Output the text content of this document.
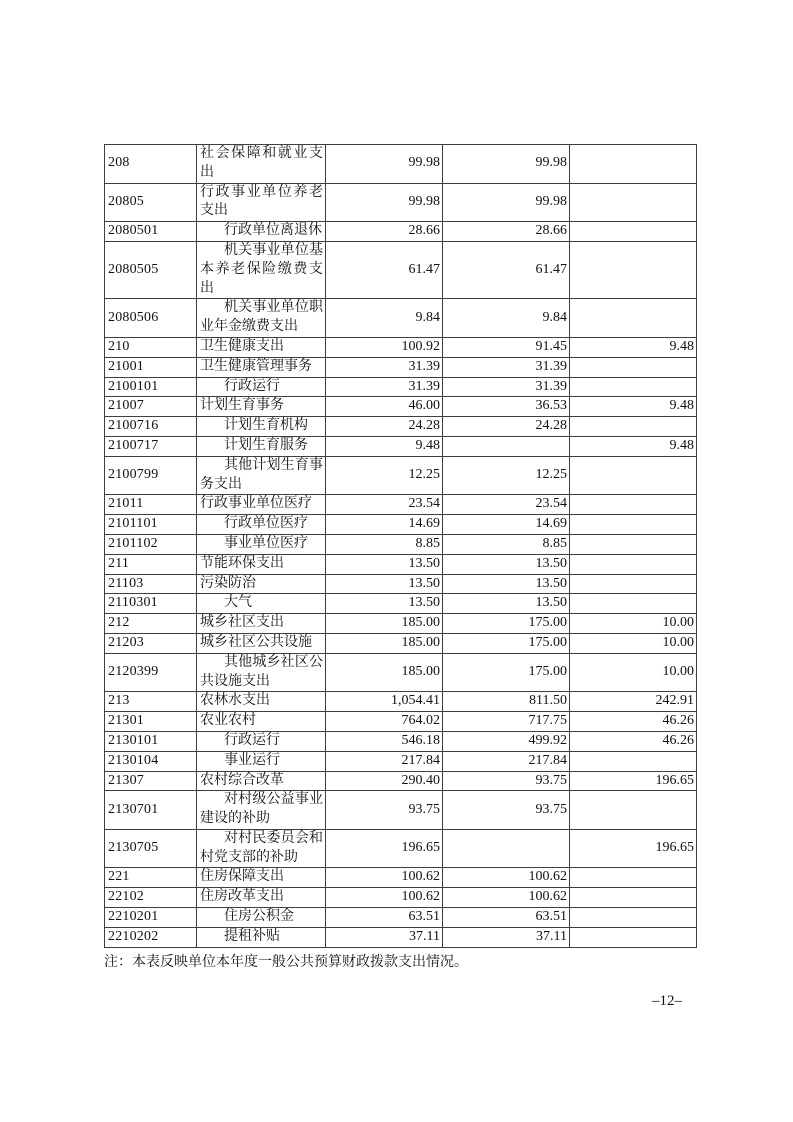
208	社会保障和就业支出	99.98	99.98	
20805	行政事业单位养老支出	99.98	99.98	
2080501	行政单位离退休	28.66	28.66	
2080505	机关事业单位基本养老保险缴费支出	61.47	61.47	
2080506	机关事业单位职业年金缴费支出	9.84	9.84	
210	卫生健康支出	100.92	91.45	9.48
21001	卫生健康管理事务	31.39	31.39	
2100101	行政运行	31.39	31.39	
21007	计划生育事务	46.00	36.53	9.48
2100716	计划生育机构	24.28	24.28	
2100717	计划生育服务	9.48		9.48
2100799	其他计划生育事务支出	12.25	12.25	
21011	行政事业单位医疗	23.54	23.54	
2101101	行政单位医疗	14.69	14.69	
2101102	事业单位医疗	8.85	8.85	
211	节能环保支出	13.50	13.50	
21103	污染防治	13.50	13.50	
2110301	大气	13.50	13.50	
212	城乡社区支出	185.00	175.00	10.00
21203	城乡社区公共设施	185.00	175.00	10.00
2120399	其他城乡社区公共设施支出	185.00	175.00	10.00
213	农林水支出	1,054.41	811.50	242.91
21301	农业农村	764.02	717.75	46.26
2130101	行政运行	546.18	499.92	46.26
2130104	事业运行	217.84	217.84	
21307	农村综合改革	290.40	93.75	196.65
2130701	对村级公益事业建设的补助	93.75	93.75	
2130705	对村民委员会和村党支部的补助	196.65		196.65
221	住房保障支出	100.62	100.62	
22102	住房改革支出	100.62	100.62	
2210201	住房公积金	63.51	63.51	
2210202	提租补贴	37.11	37.11	
注：本表反映单位本年度一般公共预算财政拨款支出情况。
–12–
